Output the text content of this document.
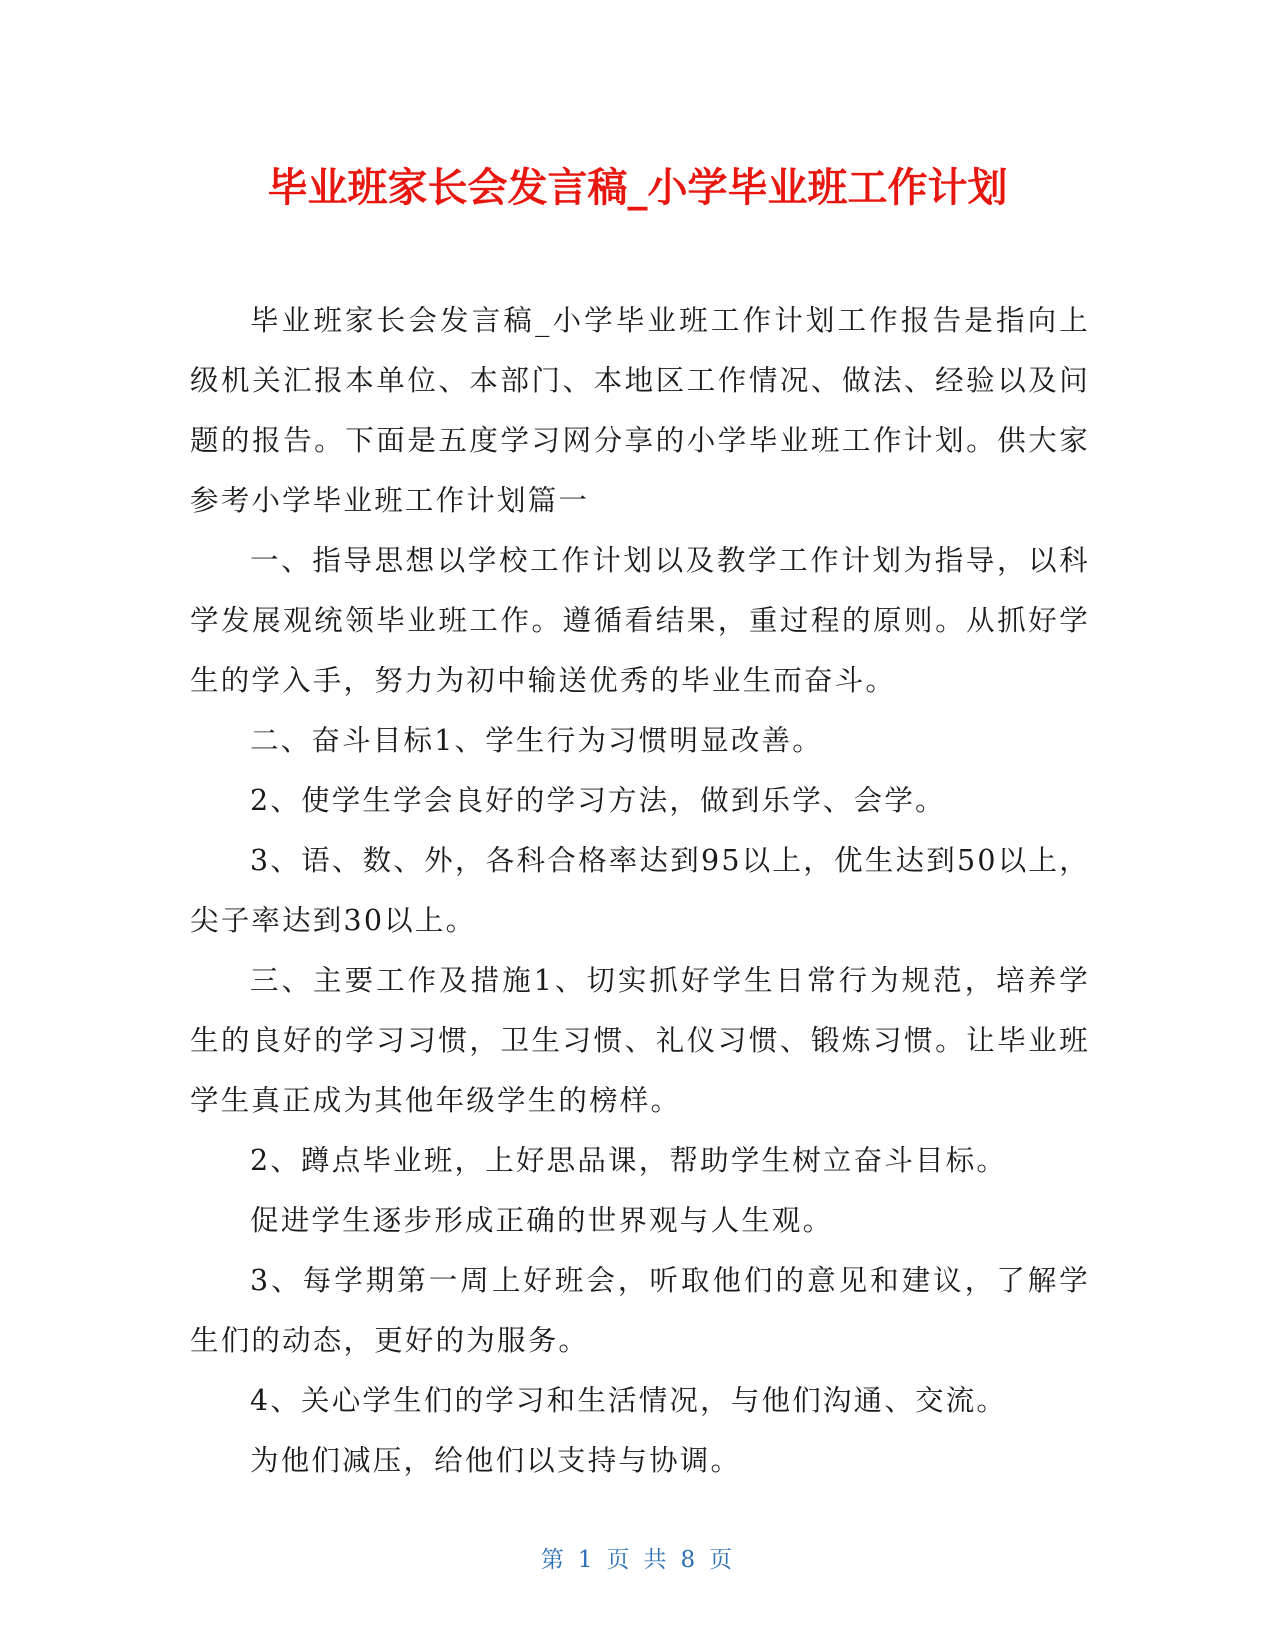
毕业班家长会发言稿_小学毕业班工作计划

毕业班家长会发言稿_小学毕业班工作计划工作报告是指向上级机关汇报本单位、本部门、本地区工作情况、做法、经验以及问题的报告。下面是五度学习网分享的小学毕业班工作计划。供大家参考小学毕业班工作计划篇一

一、指导思想以学校工作计划以及教学工作计划为指导，以科学发展观统领毕业班工作。遵循看结果，重过程的原则。从抓好学生的学入手，努力为初中输送优秀的毕业生而奋斗。

二、奋斗目标1、学生行为习惯明显改善。

2、使学生学会良好的学习方法，做到乐学、会学。

3、语、数、外，各科合格率达到95以上，优生达到50以上，尖子率达到30以上。

三、主要工作及措施1、切实抓好学生日常行为规范，培养学生的良好的学习习惯，卫生习惯、礼仪习惯、锻炼习惯。让毕业班学生真正成为其他年级学生的榜样。

2、蹲点毕业班，上好思品课，帮助学生树立奋斗目标。

促进学生逐步形成正确的世界观与人生观。

3、每学期第一周上好班会，听取他们的意见和建议，了解学生们的动态，更好的为服务。

4、关心学生们的学习和生活情况，与他们沟通、交流。

为他们减压，给他们以支持与协调。

第 1 页 共 8 页
